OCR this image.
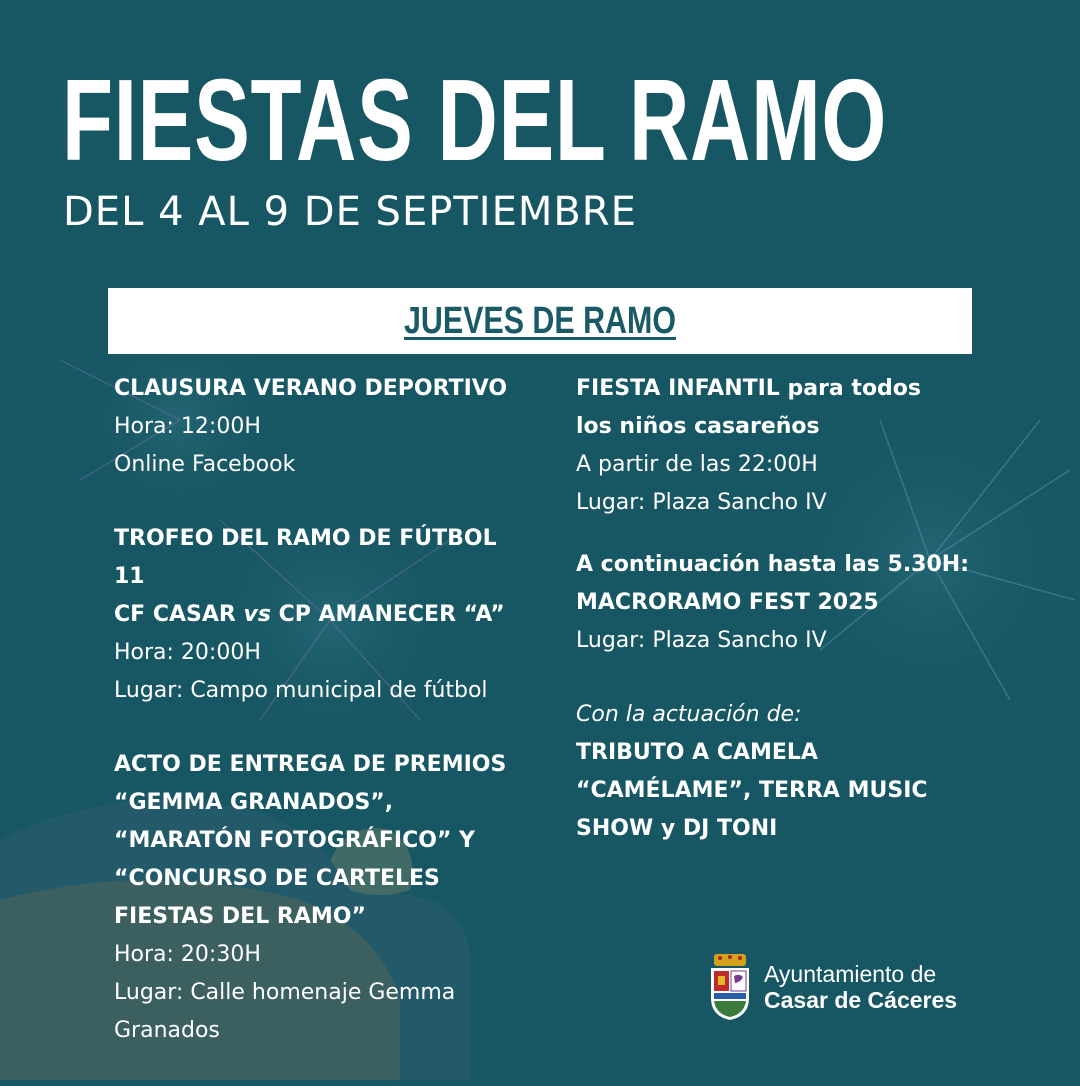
FIESTAS DEL RAMO
DEL 4 AL 9 DE SEPTIEMBRE
JUEVES DE RAMO

CLAUSURA VERANO DEPORTIVO

Hora: 12:00H

Online Facebook

TROFEO DEL RAMO DE FÚTBOL 11

CF CASAR vs CP AMANECER “A”

Hora: 20:00H

Lugar: Campo municipal de fútbol

ACTO DE ENTREGA DE PREMIOS

“GEMMA GRANADOS”,

“MARATÓN FOTOGRÁFICO” Y

“CONCURSO DE CARTELES

FIESTAS DEL RAMO”

Hora: 20:30H

Lugar: Calle homenaje Gemma

Granados

FIESTA INFANTIL para todos

los niños casareños

A partir de las 22:00H

Lugar: Plaza Sancho IV

A continuación hasta las 5.30H:

MACRORAMO FEST 2025

Lugar: Plaza Sancho IV

Con la actuación de:

TRIBUTO A CAMELA

“CAMÉLAME”, TERRA MUSIC

SHOW y DJ TONI

Ayuntamiento de
Casar de Cáceres
